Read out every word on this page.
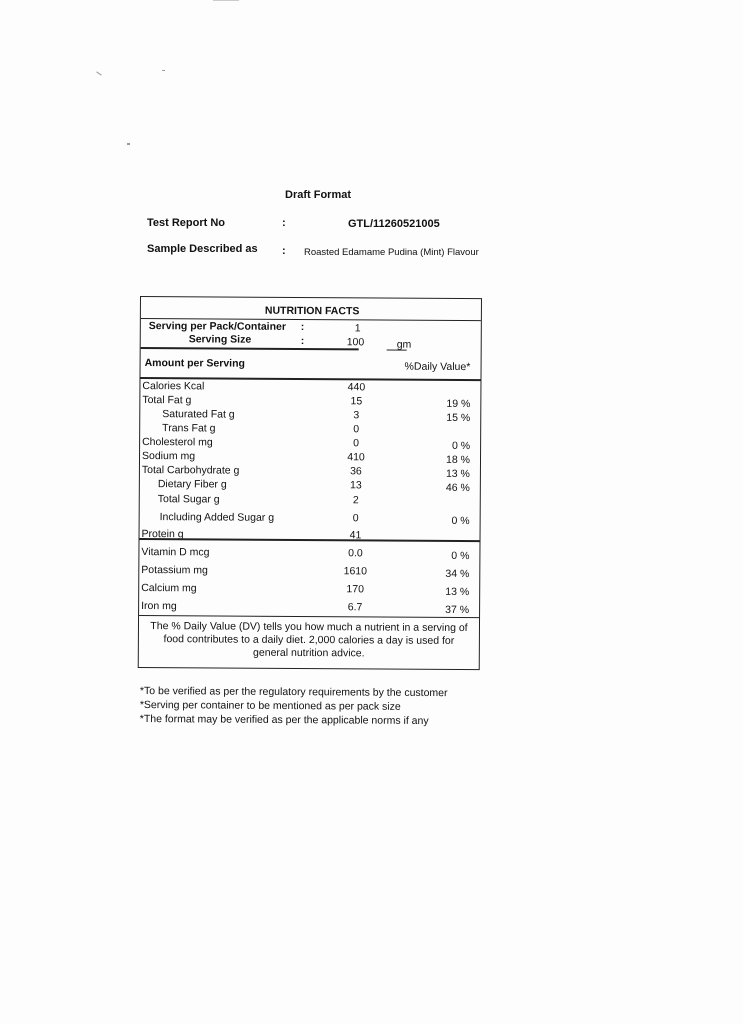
Draft Format
Test Report No	:	GTL/11260521005
Sample Described as : Roasted Edamame Pudina (Mint) Flavour
NUTRITION FACTS
Serving per Pack/Container :	1
Serving Size	:	100	gm
Amount per Serving	%Daily Value*
Calories Kcal	440
Total Fat g	15	19 %
Saturated Fat g	3	15 %
Trans Fat g	0
Cholesterol mg	0	0 %
Sodium mg	410	18 %
Total Carbohydrate g	36	13 %
Dietary Fiber g	13	46 %
Total Sugar g	2
Including Added Sugar g	0	0 %
Protein g	41
Vitamin D mcg	0.0	0 %
Potassium mg	1610	34 %
Calcium mg	170	13 %
Iron mg	6.7	37 %
The % Daily Value (DV) tells you how much a nutrient in a serving of
food contributes to a daily diet. 2,000 calories a day is used for
general nutrition advice.
*To be verified as per the regulatory requirements by the customer
*Serving per container to be mentioned as per pack size
*The format may be verified as per the applicable norms if any
